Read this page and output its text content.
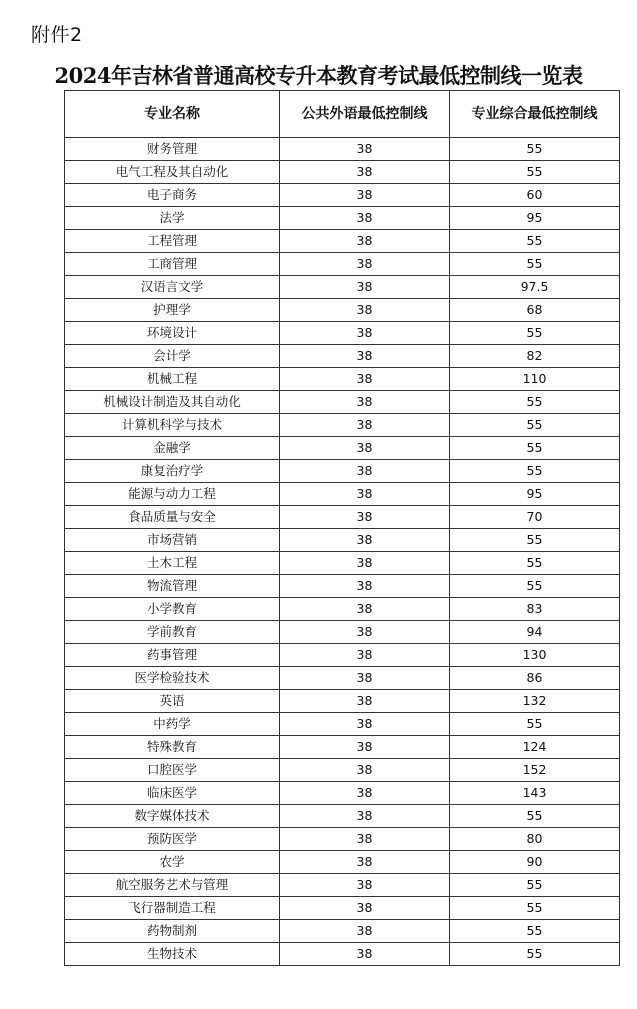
附件2
2024年吉林省普通高校专升本教育考试最低控制线一览表
专业名称	公共外语最低控制线	专业综合最低控制线
财务管理	38	55
电气工程及其自动化	38	55
电子商务	38	60
法学	38	95
工程管理	38	55
工商管理	38	55
汉语言文学	38	97.5
护理学	38	68
环境设计	38	55
会计学	38	82
机械工程	38	110
机械设计制造及其自动化	38	55
计算机科学与技术	38	55
金融学	38	55
康复治疗学	38	55
能源与动力工程	38	95
食品质量与安全	38	70
市场营销	38	55
土木工程	38	55
物流管理	38	55
小学教育	38	83
学前教育	38	94
药事管理	38	130
医学检验技术	38	86
英语	38	132
中药学	38	55
特殊教育	38	124
口腔医学	38	152
临床医学	38	143
数字媒体技术	38	55
预防医学	38	80
农学	38	90
航空服务艺术与管理	38	55
飞行器制造工程	38	55
药物制剂	38	55
生物技术	38	55
